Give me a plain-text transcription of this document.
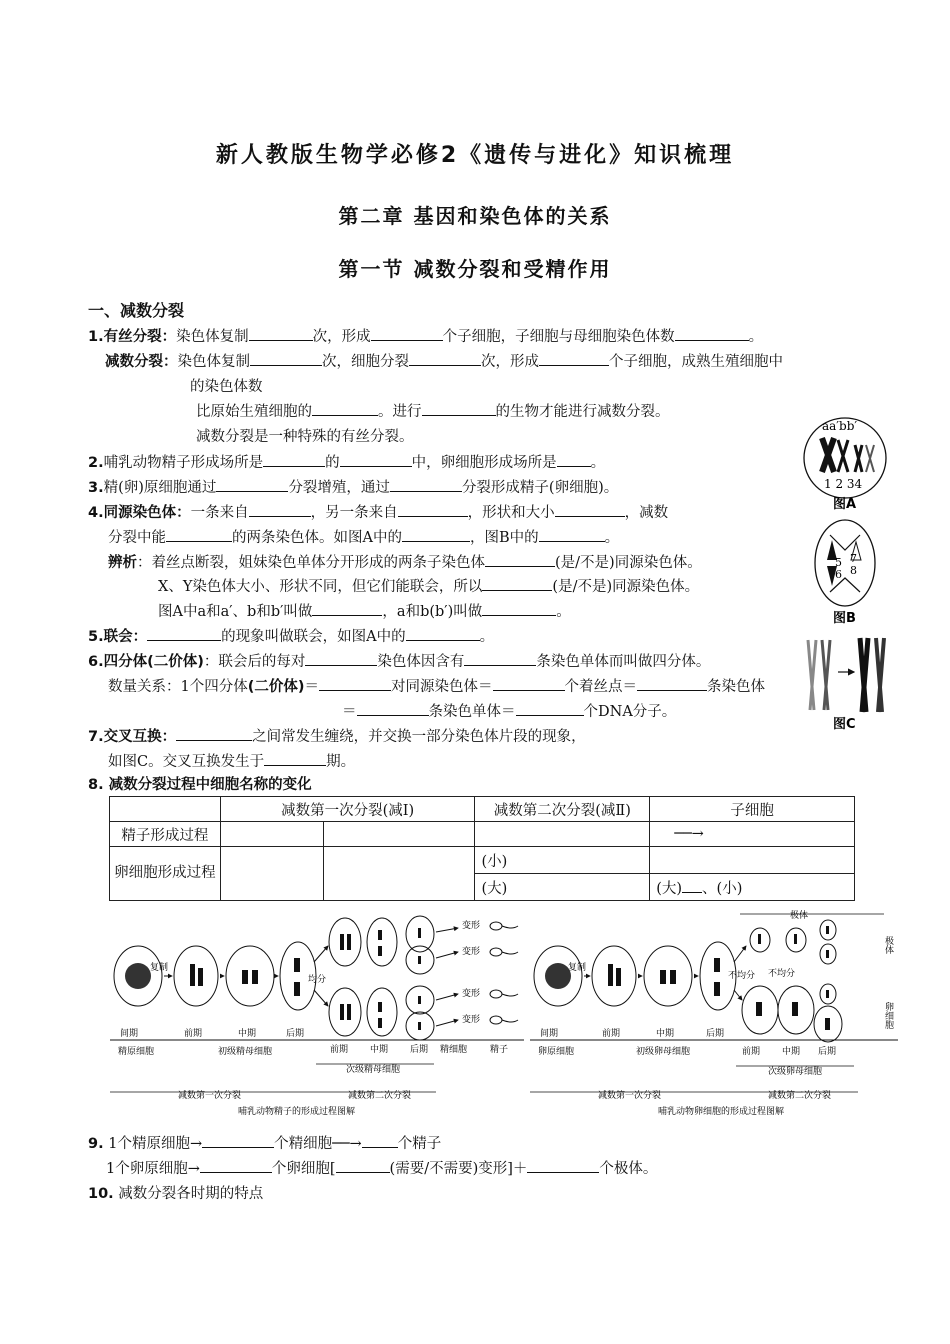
新人教版生物学必修2《遗传与进化》知识梳理
第二章 基因和染色体的关系
第一节 减数分裂和受精作用
一、减数分裂
1.有丝分裂：染色体复制	次，形成	个子细胞，子细胞与母细胞染色体数	。
减数分裂：染色体复制	次，细胞分裂	次，形成	个子细胞，成熟生殖细胞中
的染色体数
比原始生殖细胞的	。进行	的生物才能进行减数分裂。
减数分裂是一种特殊的有丝分裂。
2.哺乳动物精子形成场所是	的	中，卵细胞形成场所是 。
3.精(卵)原细胞通过	分裂增殖，通过	分裂形成精子(卵细胞)。
4.同源染色体：一条来自	，另一条来自	，形状和大小	，减数
分裂中能	的两条染色体。如图A中的	，图B中的	。
辨析：着丝点断裂，姐妹染色单体分开形成的两条子染色体	(是/不是)同源染色体。
X、Y染色体大小、形状不同，但它们能联会，所以	(是/不是)同源染色体。
图A中a和a′、b和b′叫做	，a和b(b′)叫做	。
5.联会：	的现象叫做联会，如图A中的	。
6.四分体(二价体)：联会后的每对	染色体因含有	条染色单体而叫做四分体。
数量关系：1个四分体(二价体)＝	对同源染色体＝	个着丝点＝	条染色体
＝	条染色单体＝	个DNA分子。
7.交叉互换：	之间常发生缠绕，并交换一部分染色体片段的现象，
如图C。交叉互换发生于	期。
8. 减数分裂过程中细胞名称的变化
	减数第一次分裂(减Ⅰ)		减数第二次分裂(减Ⅱ)	子细胞
精子形成过程				──→
卵细胞形成过程			(小)	
			(大)	(大) 、(小)
aa′bb′
1 2 34
图A
5
6
7
8
图B
图C
复制
均分
变形
变形
变形
变形
间期	前期	中期	后期
前期 中期 后期 精细胞	精子
精原细胞	初级精母细胞
次级精母细胞
减数第一次分裂	减数第二次分裂
哺乳动物精子的形成过程图解
极体
复制
不均分 不均分
极体
卵细胞
间期	前期	中期	后期
前期 中期 后期
卵原细胞	初级卵母细胞
次级卵母细胞
减数第一次分裂	减数第二次分裂
哺乳动物卵细胞的形成过程图解
9. 1个精原细胞→	个精细胞──→ 个精子
1个卵原细胞→	个卵细胞[	(需要/不需要)变形]＋	个极体。
10. 减数分裂各时期的特点
